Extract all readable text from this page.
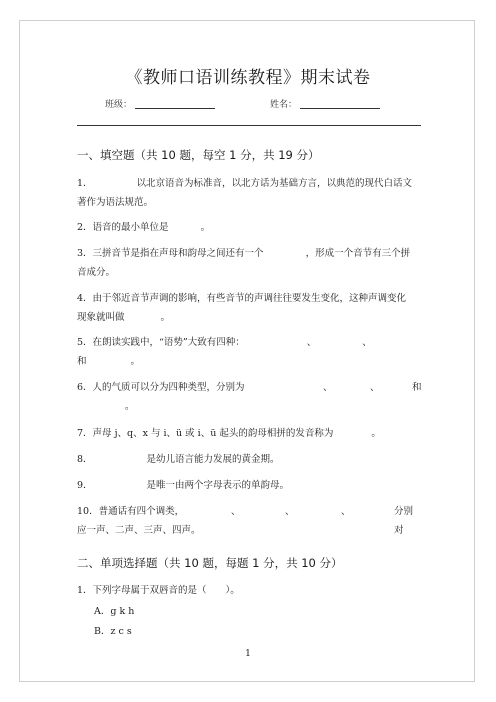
《教师口语训练教程》期末试卷
班级：	姓名：
一、填空题（共 10 题，每空 1 分，共 19 分）
1．	以北京语音为标准音，以北方话为基础方言，以典范的现代白话文
著作为语法规范。
2．语音的最小单位是	。
3．三拼音节是指在声母和韵母之间还有一个	，形成一个音节有三个拼
音成分。
4．由于邻近音节声调的影响，有些音节的声调往往要发生变化，这种声调变化
现象就叫做	。
5．在朗读实践中，“语势”大致有四种：	、	、
和	。
6．人的气质可以分为四种类型，分别为	、	、	和
。
7．声母 j、q、x 与 i、ü 或 i、ü 起头的韵母相拼的发音称为	。
8．	是幼儿语言能力发展的黄金期。
9．	是唯一由两个字母表示的单韵母。
10．普通话有四个调类，	、	、	、	分别对
应一声、二声、三声、四声。
二、单项选择题（共 10 题，每题 1 分，共 10 分）
1．下列字母属于双唇音的是（　　）。
A．g k h
B．z c s
1
